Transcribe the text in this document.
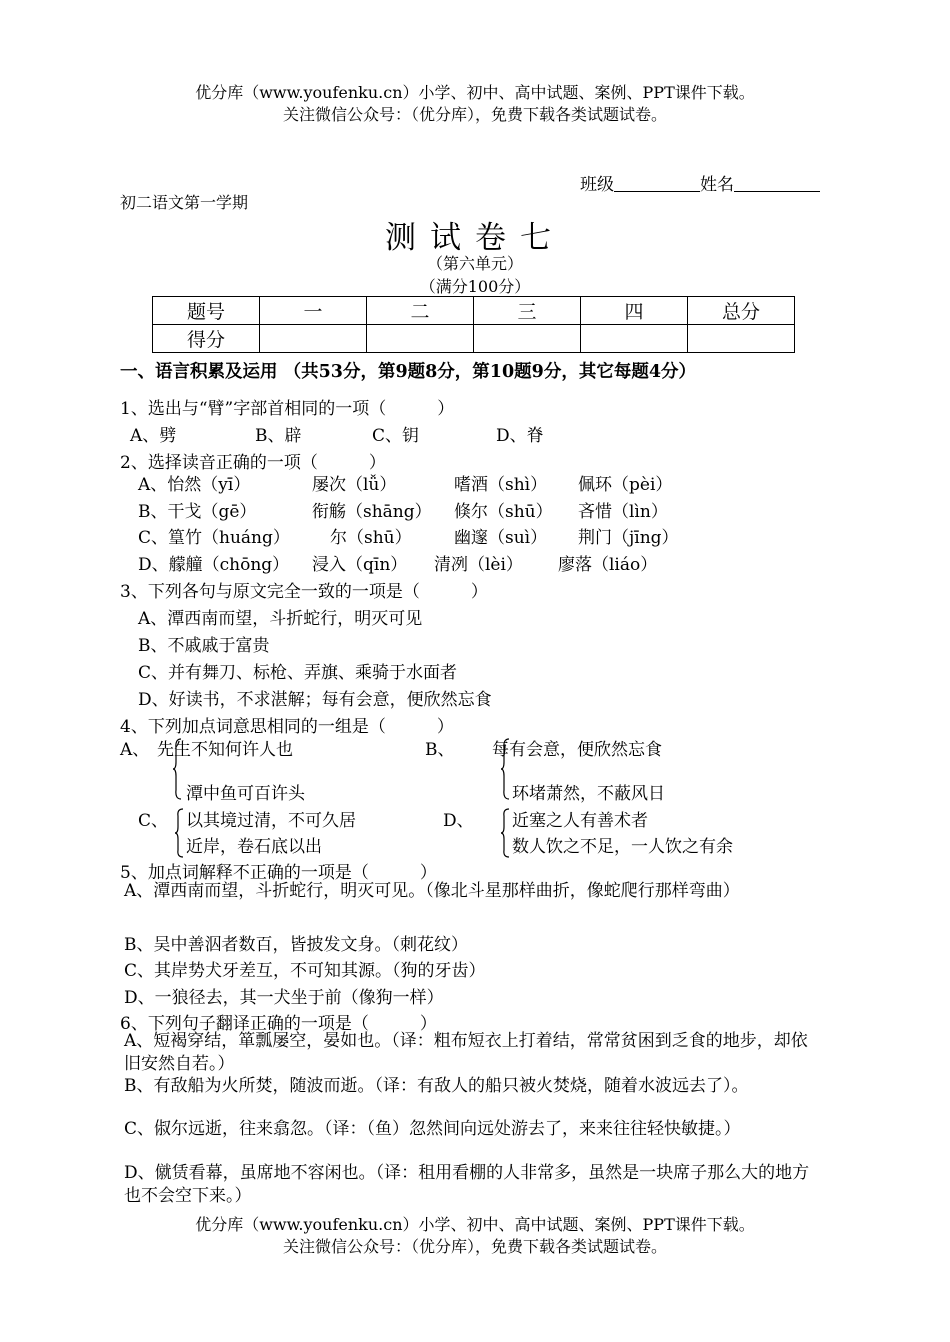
优分库（www.youfenku.cn）小学、初中、高中试题、案例、PPT课件下载。
关注微信公众号：（优分库），免费下载各类试题试卷。
班级	姓名
初二语文第一学期
测试卷七
（第六单元）
（满分100分）
题号	一	二	三	四	总分
得分					
一、语言积累及运用 （共53分，第9题8分，第10题9分，其它每题4分）
1、选出与“臂”字部首相同的一项（　　　）
A、劈	B、辟	C、钥	D、脊
2、选择读音正确的一项（　　　）
A、怡然（yī）	屡次（lǚ）	嗜酒（shì） 佩环（pèi）
B、干戈（gē）	衔觞（shāng） 倏尔（shū） 吝惜（lìn）
C、篁竹（huáng） 尔（shū） 幽邃（suì） 荆门（jīng）
D、艨艟（chōng） 浸入（qīn） 清冽（lèi） 廖落（liáo）
3、下列各句与原文完全一致的一项是（　　　）
A、潭西南而望，斗折蛇行，明灭可见
B、不戚戚于富贵
C、并有舞刀、标枪、弄旗、乘骑于水面者
D、好读书，不求湛解；每有会意，便欣然忘食
4、下列加点词意思相同的一组是（　　　）
A、 先生不知何许人也
潭中鱼可百许头
B、 每有会意，便欣然忘食
环堵萧然，不蔽风日
C、 以其境过清，不可久居
近岸，卷石底以出
D、 近塞之人有善术者
数人饮之不足，一人饮之有余
5、加点词解释不正确的一项是（　　　）
A、潭西南而望，斗折蛇行，明灭可见。（像北斗星那样曲折，像蛇爬行那样弯曲）
B、吴中善泅者数百，皆披发文身。（刺花纹）
C、其岸势犬牙差互，不可知其源。（狗的牙齿）
D、一狼径去，其一犬坐于前（像狗一样）
6、下列句子翻译正确的一项是（　　　）
A、短褐穿结，箪瓢屡空，晏如也。（译：粗布短衣上打着结，常常贫困到乏食的地步，却依旧安然自若。）
B、有敌船为火所焚，随波而逝。（译：有敌人的船只被火焚烧，随着水波远去了）。
C、俶尔远逝，往来翕忽。（译：（鱼）忽然间向远处游去了，来来往往轻快敏捷。）
D、僦赁看幕，虽席地不容闲也。（译：租用看棚的人非常多，虽然是一块席子那么大的地方也不会空下来。）
优分库（www.youfenku.cn）小学、初中、高中试题、案例、PPT课件下载。
关注微信公众号：（优分库），免费下载各类试题试卷。
